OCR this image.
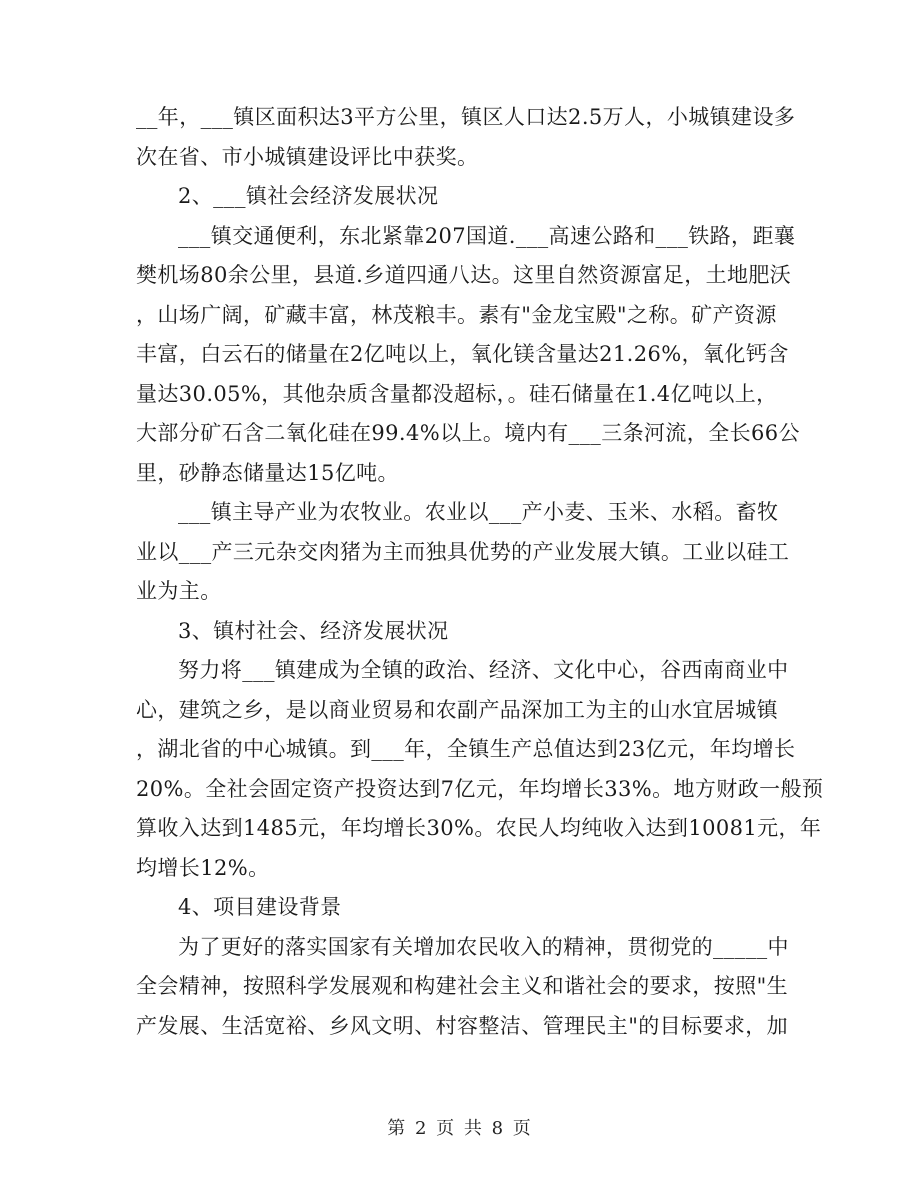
__年，___镇区面积达3平方公里，镇区人口达2.5万人，小城镇建设多
次在省、市小城镇建设评比中获奖。
2、___镇社会经济发展状况
___镇交通便利，东北紧靠207国道.___高速公路和___铁路，距襄
樊机场80余公里，县道.乡道四通八达。这里自然资源富足，土地肥沃
，山场广阔，矿藏丰富，林茂粮丰。素有"金龙宝殿"之称。矿产资源
丰富，白云石的储量在2亿吨以上，氧化镁含量达21.26%，氧化钙含
量达30.05%，其他杂质含量都没超标，。硅石储量在1.4亿吨以上，
大部分矿石含二氧化硅在99.4%以上。境内有___三条河流，全长66公
里，砂静态储量达15亿吨。
___镇主导产业为农牧业。农业以___产小麦、玉米、水稻。畜牧
业以___产三元杂交肉猪为主而独具优势的产业发展大镇。工业以硅工
业为主。
3、镇村社会、经济发展状况
努力将___镇建成为全镇的政治、经济、文化中心，谷西南商业中
心，建筑之乡，是以商业贸易和农副产品深加工为主的山水宜居城镇
，湖北省的中心城镇。到___年，全镇生产总值达到23亿元，年均增长
20%。全社会固定资产投资达到7亿元，年均增长33%。地方财政一般预
算收入达到1485元，年均增长30%。农民人均纯收入达到10081元，年
均增长12%。
4、项目建设背景
为了更好的落实国家有关增加农民收入的精神，贯彻党的_____中
全会精神，按照科学发展观和构建社会主义和谐社会的要求，按照"生
产发展、生活宽裕、乡风文明、村容整洁、管理民主"的目标要求，加
第 2 页 共 8 页
